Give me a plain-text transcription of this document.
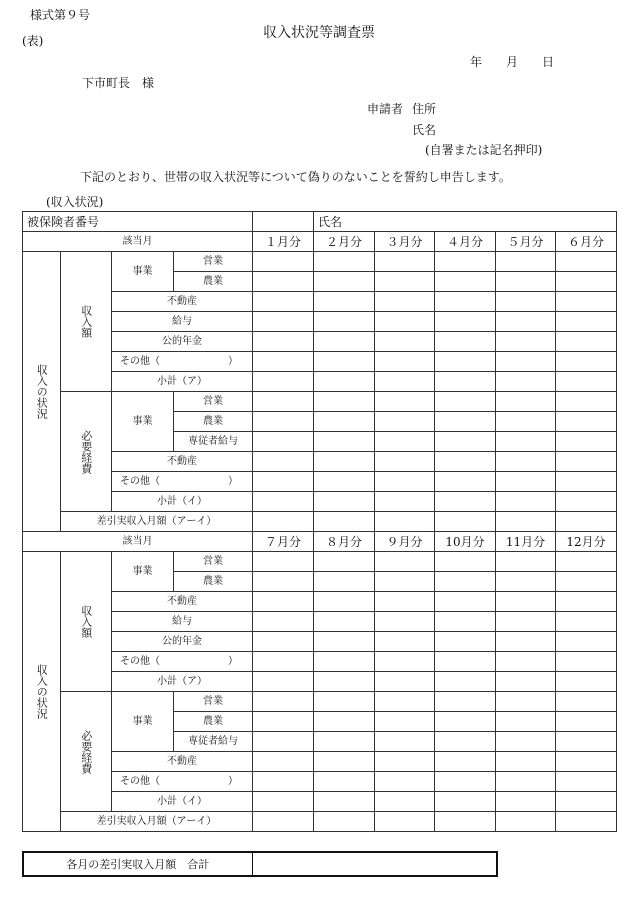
様式第９号
(表)	収入状況等調査票
年 月 日
下市町長　様
申請者 住所
氏名
(自署または記名押印)
下記のとおり、世帯の収入状況等について偽りのないことを誓約し申告します。
(収入状況)
被保険者番号					氏名				
該当月				１月分	２月分	３月分	４月分	５月分	６月分

収入の状況	収入額	事業	営業						
			農業						
		不動産							
		給与							
		公的年金							

		その他（ ）							

		小計（ア）							

	必要経費	事業	営業						
			農業						
			専従者給与						
		不動産							

		その他（ ）							

		小計（イ）							
	差引実収入月額（アーイ）								
該当月				７月分	８月分	９月分	10月分	11月分	12月分

収入の状況	収入額	事業	営業						
			農業						
		不動産							
		給与							
		公的年金							

		その他（ ）							

		小計（ア）							

	必要経費	事業	営業						
			農業						
			専従者給与						
		不動産							

		その他（ ）							

		小計（イ）							
	差引実収入月額（アーイ）								
各月の差引実収入月額　合計	
